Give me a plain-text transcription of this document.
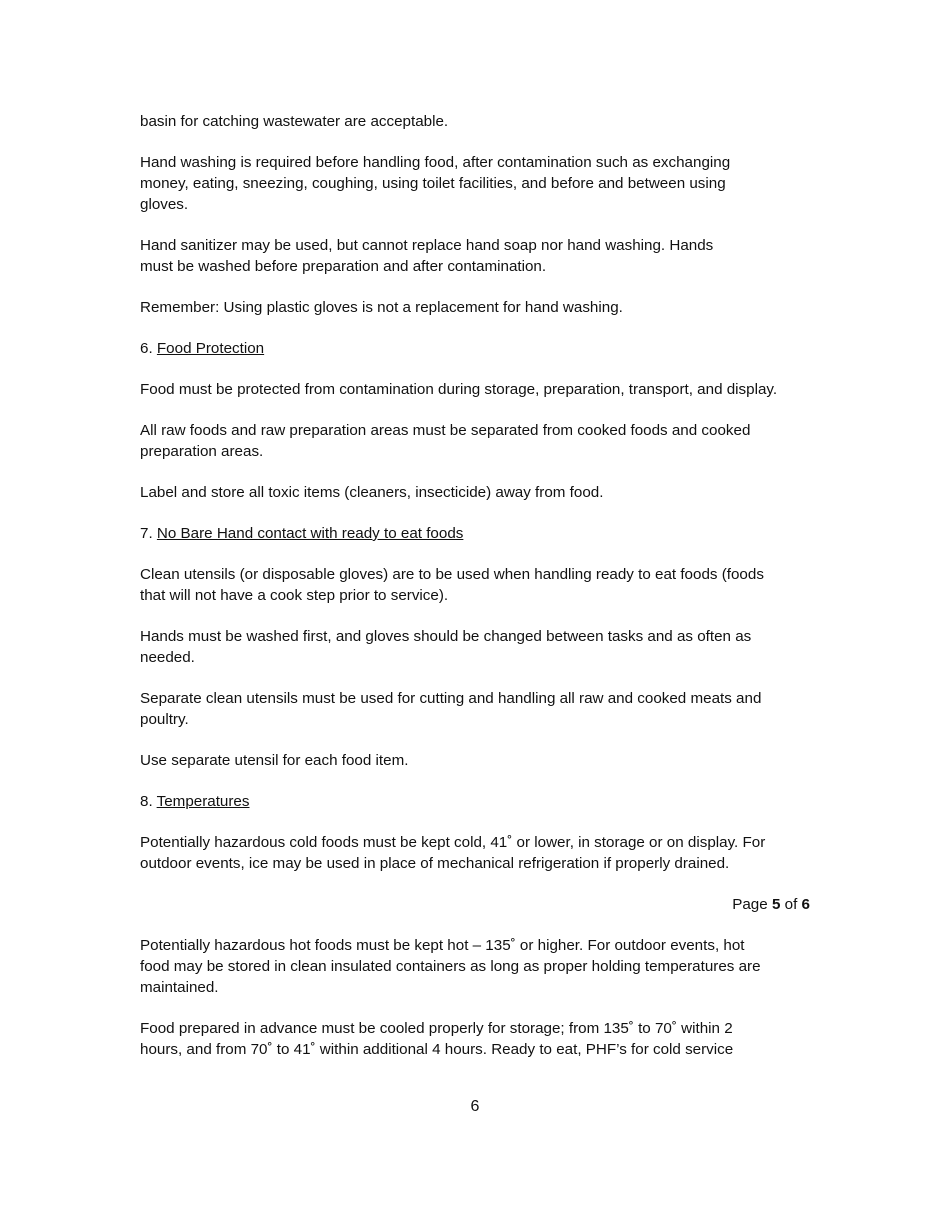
basin for catching wastewater are acceptable.

Hand washing is required before handling food, after contamination such as exchanging
money, eating, sneezing, coughing, using toilet facilities, and before and between using
gloves.

Hand sanitizer may be used, but cannot replace hand soap nor hand washing. Hands
must be washed before preparation and after contamination.

Remember: Using plastic gloves is not a replacement for hand washing.

6. Food Protection

Food must be protected from contamination during storage, preparation, transport, and display.

All raw foods and raw preparation areas must be separated from cooked foods and cooked
preparation areas.

Label and store all toxic items (cleaners, insecticide) away from food.

7. No Bare Hand contact with ready to eat foods

Clean utensils (or disposable gloves) are to be used when handling ready to eat foods (foods
that will not have a cook step prior to service).

Hands must be washed first, and gloves should be changed between tasks and as often as
needed.

Separate clean utensils must be used for cutting and handling all raw and cooked meats and
poultry.

Use separate utensil for each food item.

8. Temperatures

Potentially hazardous cold foods must be kept cold, 41˚ or lower, in storage or on display. For
outdoor events, ice may be used in place of mechanical refrigeration if properly drained.

Page 5 of 6

Potentially hazardous hot foods must be kept hot – 135˚ or higher. For outdoor events, hot
food may be stored in clean insulated containers as long as proper holding temperatures are
maintained.

Food prepared in advance must be cooled properly for storage; from 135˚ to 70˚ within 2
hours, and from 70˚ to 41˚ within additional 4 hours. Ready to eat, PHF’s for cold service

6
